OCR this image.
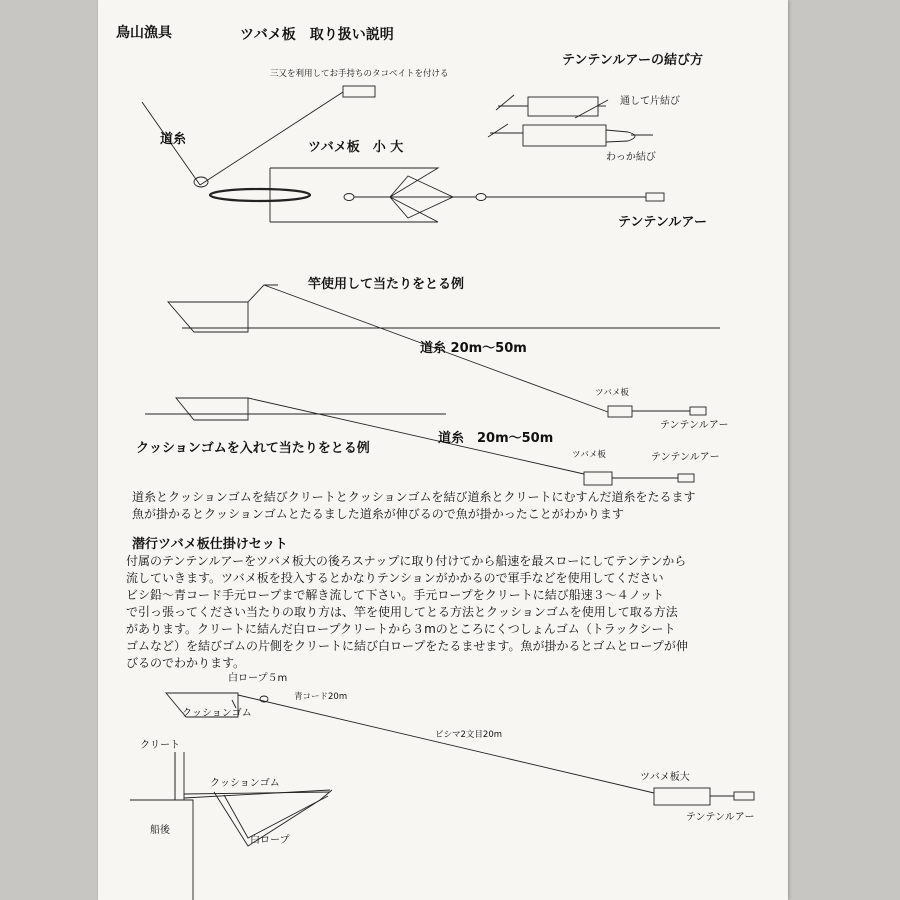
鳥山漁具	ツバメ板　取り扱い説明
三又を利用してお手持ちのタコベイトを付ける
道糸
ツバメ板　小 大
テンテンルアー
テンテンルアーの結び方
通して片結び
わっか結び
竿使用して当たりをとる例
道糸 20m～50m
ツバメ板
テンテンルアー
クッションゴムを入れて当たりをとる例
道糸　20m～50m
ツバメ板	テンテンルアー
道糸とクッションゴムを結びクリートとクッションゴムを結び道糸とクリートにむすんだ道糸をたるます
魚が掛かるとクッションゴムとたるました道糸が伸びるので魚が掛かったことがわかります
潜行ツバメ板仕掛けセット
付属のテンテンルアーをツバメ板大の後ろスナップに取り付けてから船速を最スローにしてテンテンから
流していきます。ツバメ板を投入するとかなりテンションがかかるので軍手などを使用してください
ビシ鉛～青コード手元ロープまで解き流して下さい。手元ロープをクリートに結び船速３～４ノット
で引っ張ってください当たりの取り方は、竿を使用してとる方法とクッションゴムを使用して取る方法
があります。クリートに結んだ白ロープクリートから３mのところにくつしょんゴム（トラックシート
ゴムなど）を結びゴムの片側をクリートに結び白ロープをたるませます。魚が掛かるとゴムとロープが伸
びるのでわかります。
白ロープ５m
クッションゴム
青コード20m
ビシマ2文目20m
クリート
クッションゴム
ツバメ板大
船後
白ロープ
テンテンルアー
